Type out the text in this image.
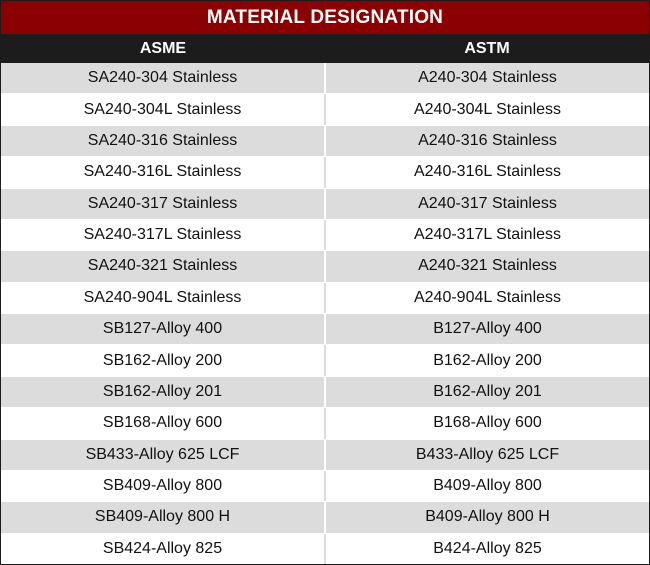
MATERIAL DESIGNATION
ASME	ASTM
SA240-304 Stainless	A240-304 Stainless
SA240-304L Stainless	A240-304L Stainless
SA240-316 Stainless	A240-316 Stainless
SA240-316L Stainless	A240-316L Stainless
SA240-317 Stainless	A240-317 Stainless
SA240-317L Stainless	A240-317L Stainless
SA240-321 Stainless	A240-321 Stainless
SA240-904L Stainless	A240-904L Stainless
SB127-Alloy 400	B127-Alloy 400
SB162-Alloy 200	B162-Alloy 200
SB162-Alloy 201	B162-Alloy 201
SB168-Alloy 600	B168-Alloy 600
SB433-Alloy 625 LCF	B433-Alloy 625 LCF
SB409-Alloy 800	B409-Alloy 800
SB409-Alloy 800 H	B409-Alloy 800 H
SB424-Alloy 825	B424-Alloy 825
